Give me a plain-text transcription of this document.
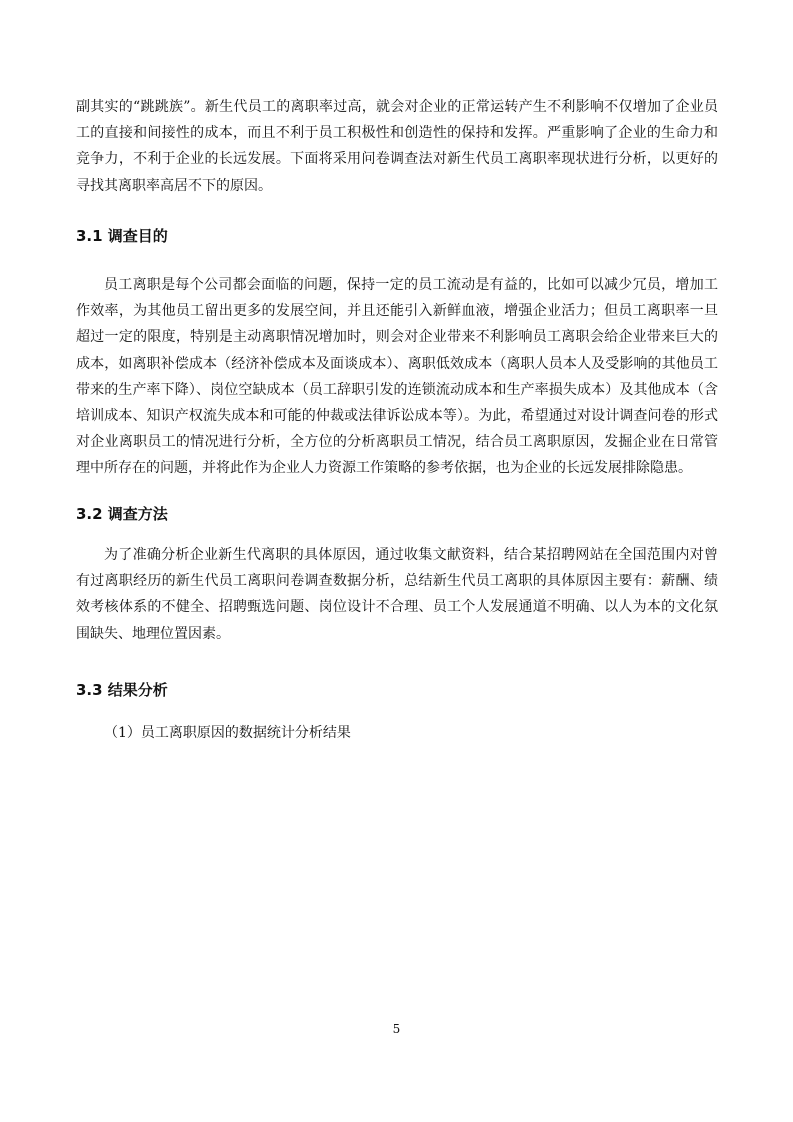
副其实的“跳跳族”。新生代员工的离职率过高，就会对企业的正常运转产生不利影响不仅增加了企业员工的直接和间接性的成本，而且不利于员工积极性和创造性的保持和发挥。严重影响了企业的生命力和竞争力，不利于企业的长远发展。下面将采用问卷调查法对新生代员工离职率现状进行分析，以更好的寻找其离职率高居不下的原因。

3.1 调查目的

员工离职是每个公司都会面临的问题，保持一定的员工流动是有益的，比如可以减少冗员，增加工作效率，为其他员工留出更多的发展空间，并且还能引入新鲜血液，增强企业活力；但员工离职率一旦超过一定的限度，特别是主动离职情况增加时，则会对企业带来不利影响员工离职会给企业带来巨大的成本，如离职补偿成本（经济补偿成本及面谈成本）、离职低效成本（离职人员本人及受影响的其他员工带来的生产率下降）、岗位空缺成本（员工辞职引发的连锁流动成本和生产率损失成本）及其他成本（含培训成本、知识产权流失成本和可能的仲裁或法律诉讼成本等）。为此，希望通过对设计调查问卷的形式对企业离职员工的情况进行分析，全方位的分析离职员工情况，结合员工离职原因，发掘企业在日常管理中所存在的问题，并将此作为企业人力资源工作策略的参考依据，也为企业的长远发展排除隐患。

3.2 调查方法

为了准确分析企业新生代离职的具体原因，通过收集文献资料，结合某招聘网站在全国范围内对曾有过离职经历的新生代员工离职问卷调查数据分析，总结新生代员工离职的具体原因主要有：薪酬、绩效考核体系的不健全、招聘甄选问题、岗位设计不合理、员工个人发展通道不明确、以人为本的文化氛围缺失、地理位置因素。

3.3 结果分析

（1）员工离职原因的数据统计分析结果

5
